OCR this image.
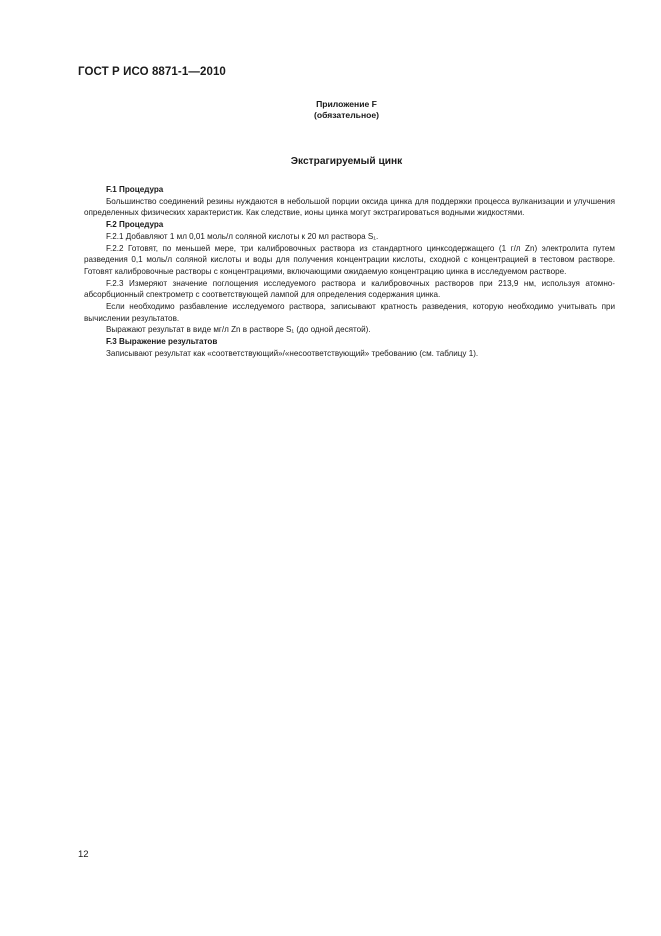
ГОСТ Р ИСО 8871-1—2010
Приложение F
(обязательное)
Экстрагируемый цинк

F.1 Процедура

Большинство соединений резины нуждаются в небольшой порции оксида цинка для поддержки процесса вулканизации и улучшения определенных физических характеристик. Как следствие, ионы цинка могут экстрагироваться водными жидкостями.

F.2 Процедура

F.2.1 Добавляют 1 мл 0,01 моль/л соляной кислоты к 20 мл раствора S₁.

F.2.2 Готовят, по меньшей мере, три калибровочных раствора из стандартного цинксодержащего (1 г/л Zn) электролита путем разведения 0,1 моль/л соляной кислоты и воды для получения концентрации кислоты, сходной с концентрацией в тестовом растворе. Готовят калибровочные растворы с концентрациями, включающими ожидаемую концентрацию цинка в исследуемом растворе.

F.2.3 Измеряют значение поглощения исследуемого раствора и калибровочных растворов при 213,9 нм, используя атомно-абсорбционный спектрометр с соответствующей лампой для определения содержания цинка.

Если необходимо разбавление исследуемого раствора, записывают кратность разведения, которую необходимо учитывать при вычислении результатов.

Выражают результат в виде мг/л Zn в растворе S₁ (до одной десятой).

F.3 Выражение результатов

Записывают результат как «соответствующий»/«несоответствующий» требованию (см. таблицу 1).

12
